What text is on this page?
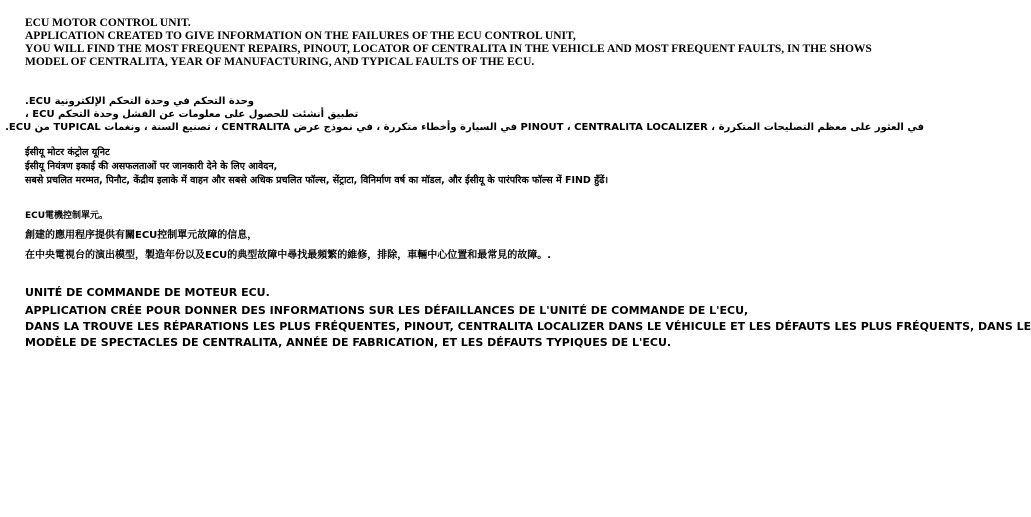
ECU MOTOR CONTROL UNIT.
APPLICATION CREATED TO GIVE INFORMATION ON THE FAILURES OF THE ECU CONTROL UNIT,
YOU WILL FIND THE MOST FREQUENT REPAIRS, PINOUT, LOCATOR OF CENTRALITA IN THE VEHICLE AND MOST FREQUENT FAULTS, IN THE SHOWS MODEL OF CENTRALITA, YEAR OF MANUFACTURING, AND TYPICAL FAULTS OF THE ECU.
وحدة التحكم في وحدة التحكم الإلكترونية ECU.
تطبيق أنشئت للحصول على معلومات عن الفشل وحدة التحكم ECU ،
في العثور على معظم التصليحات المتكررة ، PINOUT ، CENTRALITA LOCALIZER في السيارة وأخطاء متكررة ، في نموذج عرض CENTRALITA ، تصنيع السنة ، ونغمات TUPICAL من ECU.
ईसीयू मोटर कंट्रोल यूनिट
ईसीयू नियंत्रण इकाई की असफलताओं पर जानकारी देने के लिए आवेदन,
सबसे प्रचलित मरम्मत, पिनौट, केंद्रीय इलाके में वाहन और सबसे अधिक प्रचलित फॉल्स, सेंट्राटा, विनिर्माण वर्ष का मॉडल, और ईसीयू के पारंपरिक फॉल्स में FIND हुँढें।
ECU電機控制單元。
創建的應用程序提供有關ECU控制單元故障的信息，
在中央電視台的演出模型，製造年份以及ECU的典型故障中尋找最頻繁的維修，排除，車輛中心位置和最常見的故障。.
UNITÉ DE COMMANDE DE MOTEUR ECU.
APPLICATION CRÉE POUR DONNER DES INFORMATIONS SUR LES DÉFAILLANCES DE L'UNITÉ DE COMMANDE DE L'ECU,
DANS LA TROUVE LES RÉPARATIONS LES PLUS FRÉQUENTES, PINOUT, CENTRALITA LOCALIZER DANS LE VÉHICULE ET LES DÉFAUTS LES PLUS FRÉQUENTS, DANS LE
MODÈLE DE SPECTACLES DE CENTRALITA, ANNÉE DE FABRICATION, ET LES DÉFAUTS TYPIQUES DE L'ECU.
